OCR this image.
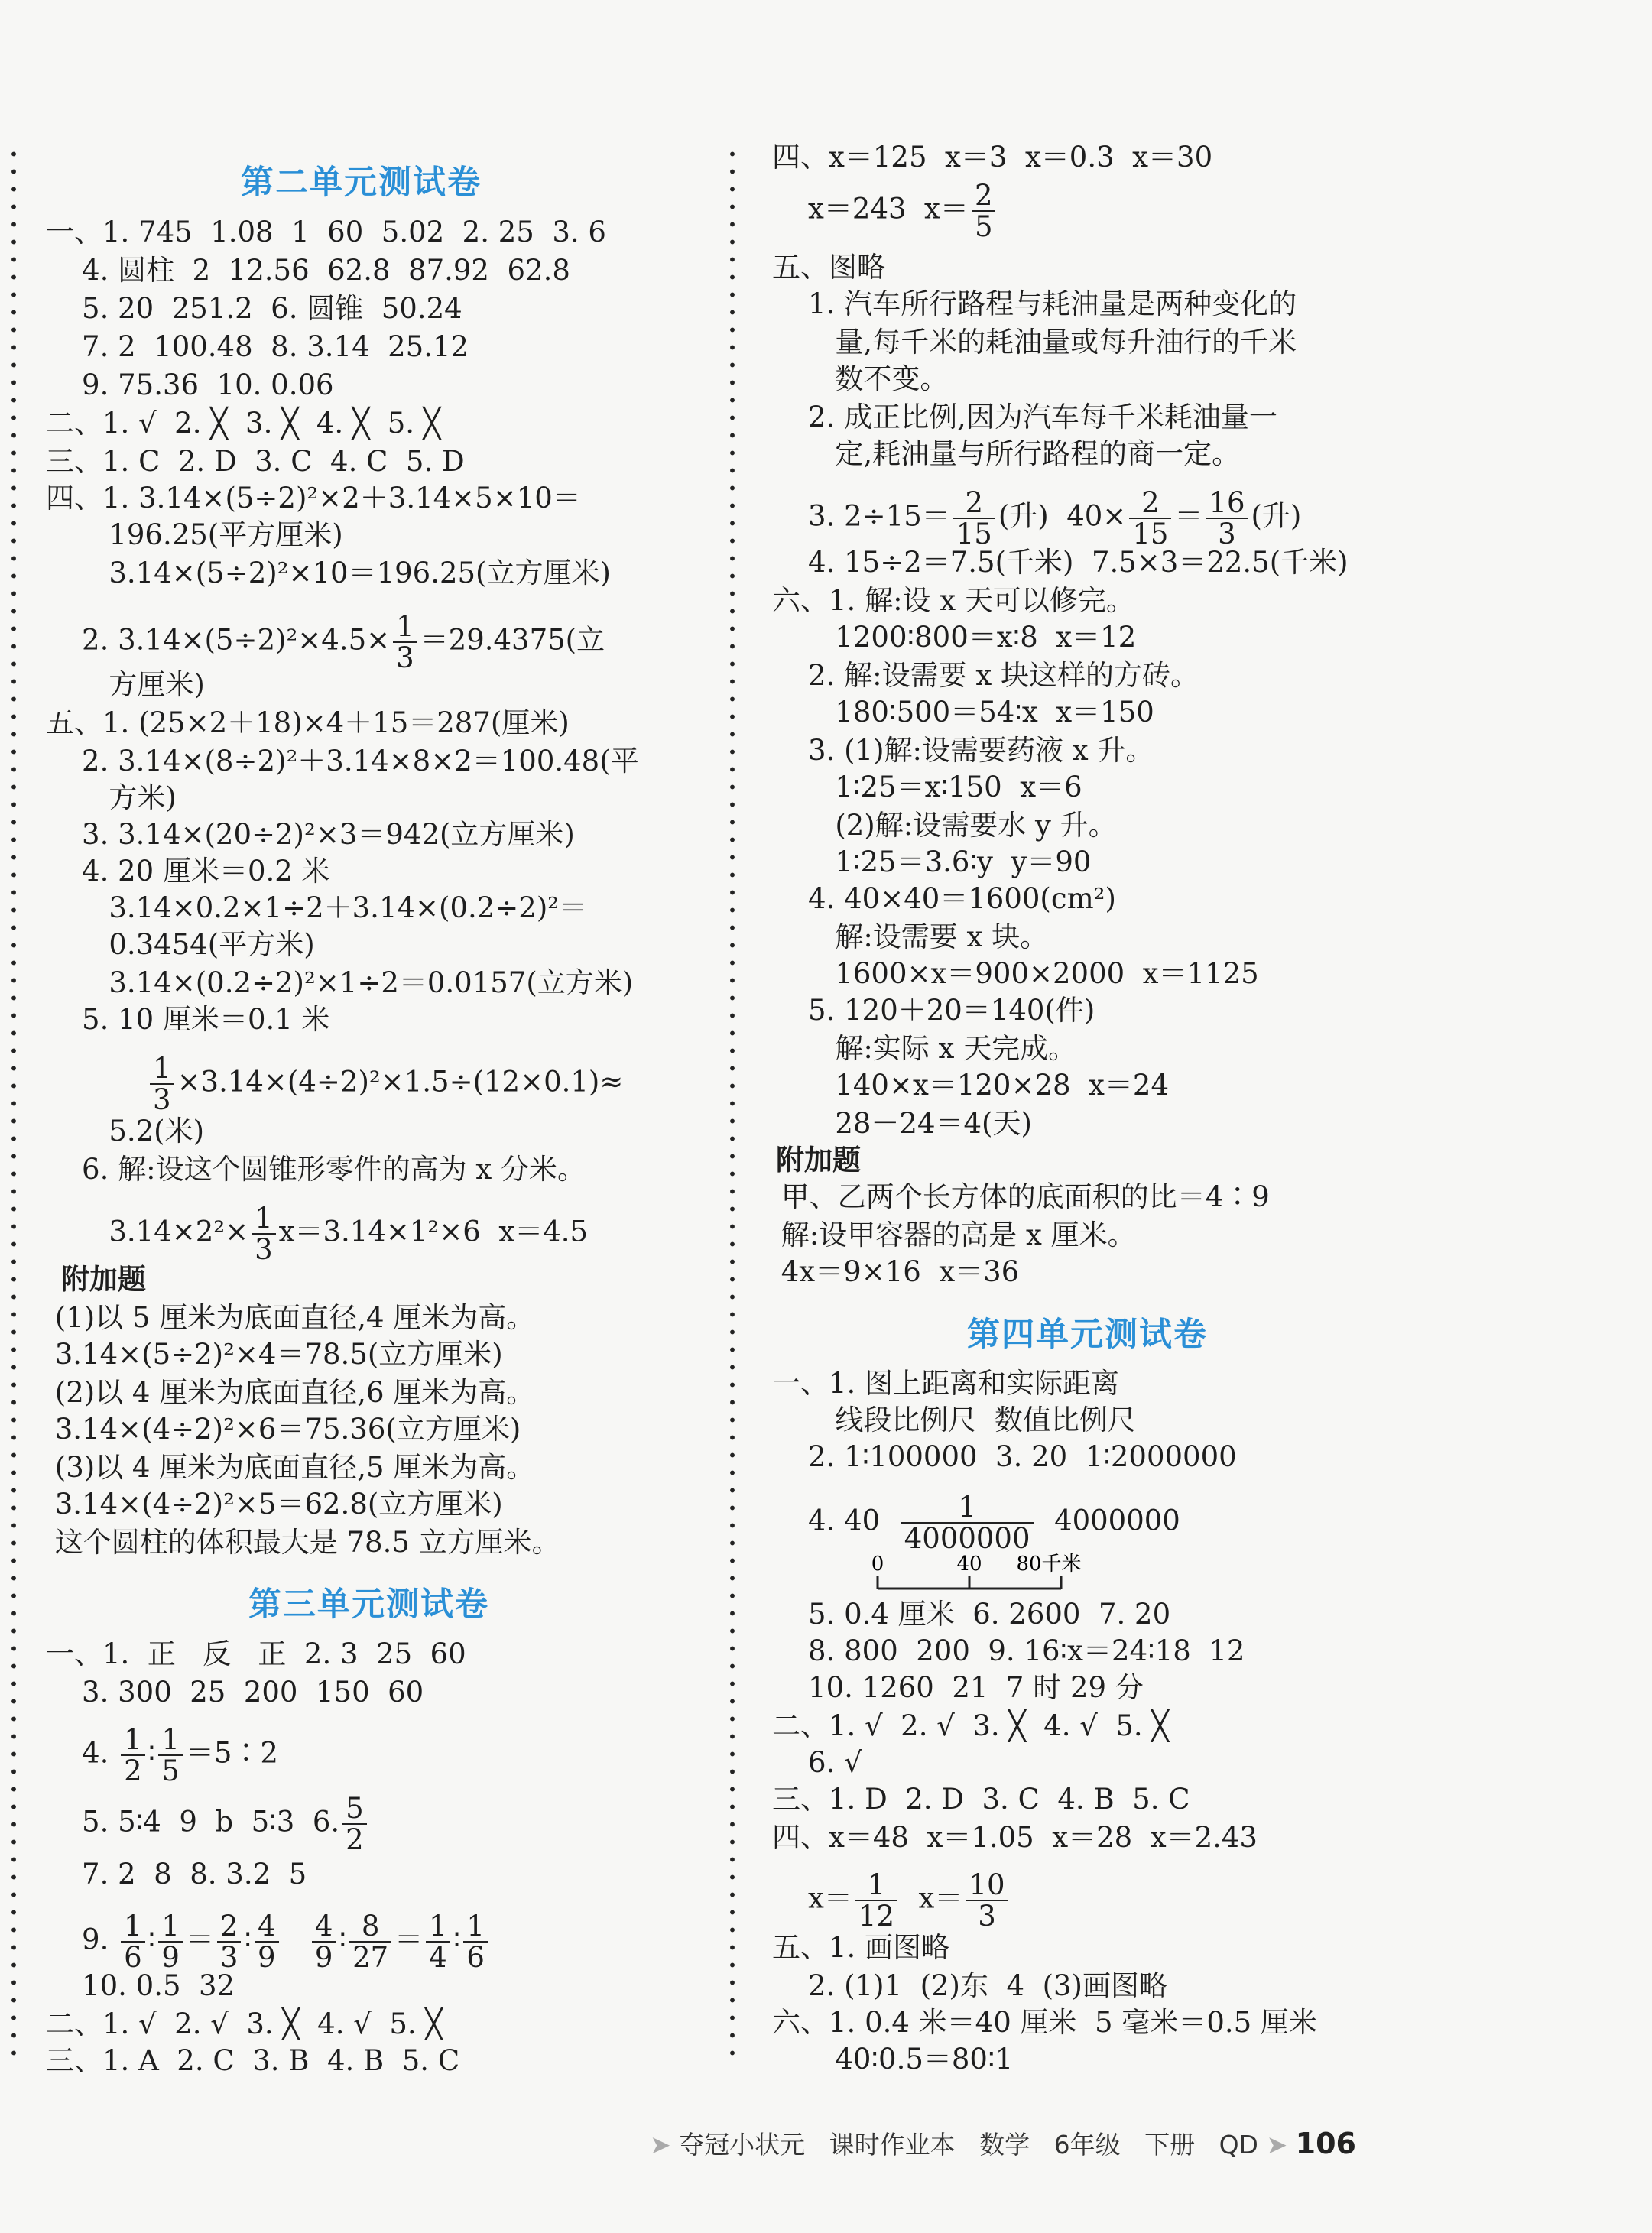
第二单元测试卷
一、1. 745  1.08  1  60  5.02  2. 25  3. 6
4. 圆柱  2  12.56  62.8  87.92  62.8
5. 20  251.2  6. 圆锥  50.24
7. 2  100.48  8. 3.14  25.12
9. 75.36  10. 0.06
二、1. √  2. ╳  3. ╳  4. ╳  5. ╳
三、1. C  2. D  3. C  4. C  5. D
四、1. 3.14×(5÷2)²×2＋3.14×5×10＝
196.25(平方厘米)
3.14×(5÷2)²×10＝196.25(立方厘米)
2. $3.14\times(5\div 2)^2\times 4.5\times \frac{1}{3} =29.4375$(立
方厘米)
五、1. (25×2＋18)×4＋15＝287(厘米)
2. 3.14×(8÷2)²＋3.14×8×2＝100.48(平
方米)
3. 3.14×(20÷2)²×3＝942(立方厘米)
4. 20 厘米＝0.2 米
3.14×0.2×1÷2＋3.14×(0.2÷2)²＝
0.3454(平方米)
3.14×(0.2÷2)²×1÷2＝0.0157(立方米)
5. 10 厘米＝0.1 米
$\frac{1}{3} \times 3.14\times(4\div 2)^2\times 1.5\div(12\times 0.1)\approx$
5.2(米)
6. 解:设这个圆锥形零件的高为 x 分米。
$3.14\times 2^2\times \frac{1}{3} x=3.14\times 1^2\times 6$  x＝4.5
附加题
(1)以 5 厘米为底面直径,4 厘米为高。
3.14×(5÷2)²×4＝78.5(立方厘米)
(2)以 4 厘米为底面直径,6 厘米为高。
3.14×(4÷2)²×6＝75.36(立方厘米)
(3)以 4 厘米为底面直径,5 厘米为高。
3.14×(4÷2)²×5＝62.8(立方厘米)
这个圆柱的体积最大是 78.5 立方厘米。
第三单元测试卷
一、1.  正   反   正  2. 3  25  60
3. 300  25  200  150  60
4. $\frac{1}{2}$ ∶ $\frac{1}{5}$ ＝5∶2
5. 5∶4  9  b  5∶3  6. $\frac{5}{2}$
7. 2  8  8. 3.2  5
9. $\frac{1}{6}$ ∶ $\frac{1}{9} = \frac{2}{3}$ ∶ $\frac{4}{9}$
$\frac{4}{9}$ ∶ $\frac{8}{27} = \frac{1}{4}$ ∶ $\frac{1}{6}$
10. 0.5  32
二、1. √  2. √  3. ╳  4. √  5. ╳
三、1. A  2. C  3. B  4. B  5. C
四、x＝125  x＝3  x＝0.3  x＝30
x＝243  $x= \frac{2}{5}$
五、图略
1. 汽车所行路程与耗油量是两种变化的
量,每千米的耗油量或每升油行的千米
数不变。
2. 成正比例,因为汽车每千米耗油量一
定,耗油量与所行路程的商一定。
3. $2\div 15= \frac{2}{15}$ (升)  $40\times \frac{2}{15} = \frac{16}{3}$ (升)
4. 15÷2＝7.5(千米)  7.5×3＝22.5(千米)
六、1. 解:设 x 天可以修完。
1200∶800＝x∶8  x＝12
2. 解:设需要 x 块这样的方砖。
180∶500＝54∶x  x＝150
3. (1)解:设需要药液 x 升。
1∶25＝x∶150  x＝6
(2)解:设需要水 y 升。
1∶25＝3.6∶y  y＝90
4. 40×40＝1600(cm²)
解:设需要 x 块。
1600×x＝900×2000  x＝1125
5. 120＋20＝140(件)
解:实际 x 天完成。
140×x＝120×28  x＝24
28－24＝4(天)
附加题
甲、乙两个长方体的底面积的比＝4∶9
解:设甲容器的高是 x 厘米。
4x＝9×16  x＝36
第四单元测试卷
一、1. 图上距离和实际距离
线段比例尺  数值比例尺
2. 1∶100000  3. 20  1∶2000000
4. $40 \frac{1}{4000000} 4000000$
0	40 80千米
5. 0.4 厘米  6. 2600  7. 20
8. 800  200  9. 16∶x＝24∶18  12
10. 1260  21  7 时 29 分
二、1. √  2. √  3. ╳  4. √  5. ╳
6. √
三、1. D  2. D  3. C  4. B  5. C
四、x＝48  x＝1.05  x＝28  x＝2.43
$x= \frac{1}{12} x= \frac{10}{3}$
五、1. 画图略
2. (1)1  (2)东  4  (3)画图略
六、1. 0.4 米＝40 厘米  5 毫米＝0.5 厘米
40∶0.5＝80∶1
➤ 夺冠小状元 课时作业本 数学 6年级 下册 QD ➤ 106
